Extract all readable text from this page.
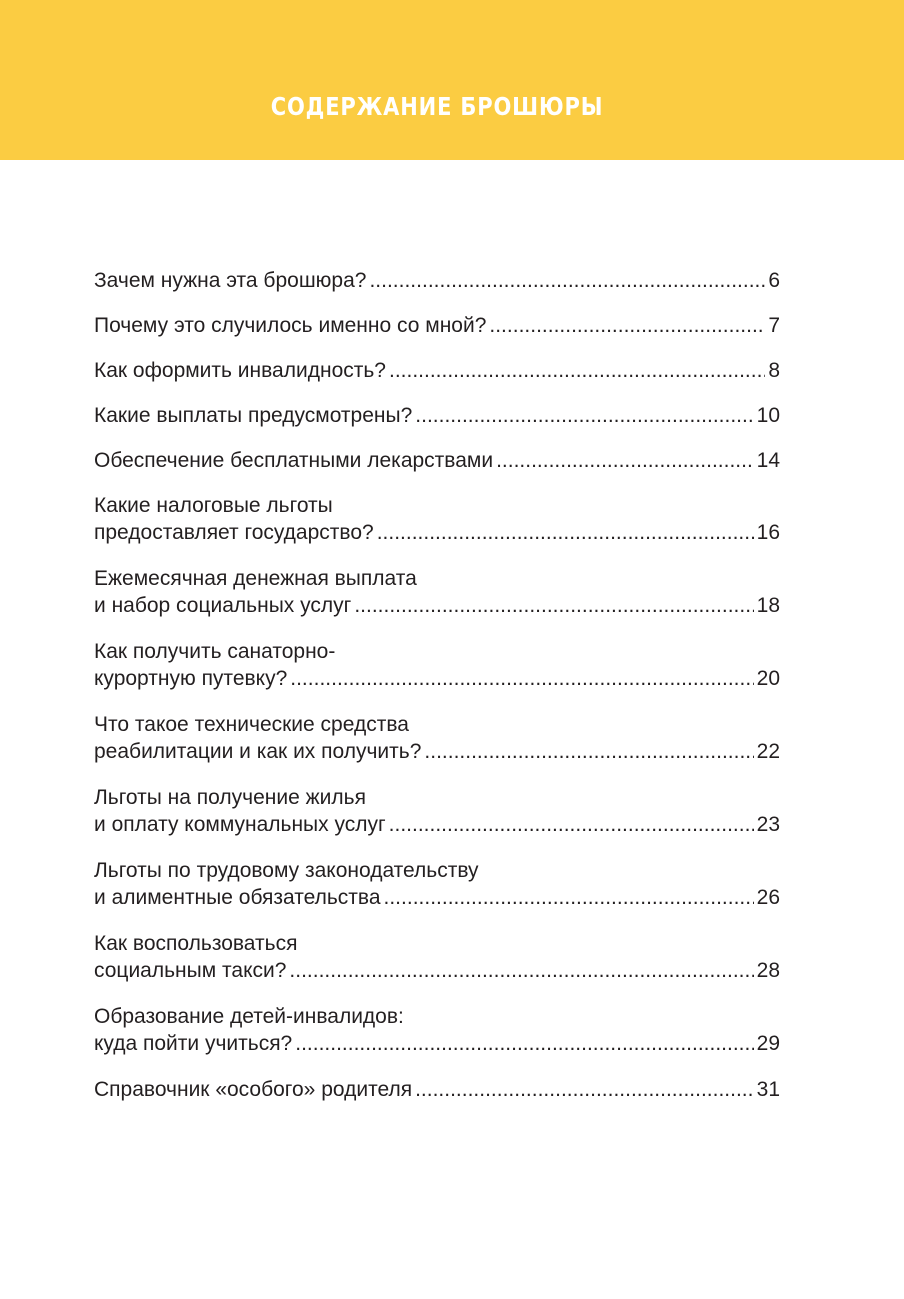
СОДЕРЖАНИЕ БРОШЮРЫ
Зачем нужна эта брошюра? .....	6
Почему это случилось именно со мной? .....	7
Как оформить инвалидность? .....	8
Какие выплаты предусмотрены? .....	10
Обеспечение бесплатными лекарствами .....	14
Какие налоговые льготы
предоставляет государство? .....	16
Ежемесячная денежная выплата
и набор социальных услуг .....	18
Как получить санаторно-
курортную путевку? .....	20
Что такое технические средства
реабилитации и как их получить? .....	22
Льготы на получение жилья
и оплату коммунальных услуг .....	23
Льготы по трудовому законодательству
и алиментные обязательства .....	26
Как воспользоваться
социальным такси? .....	28
Образование детей-инвалидов:
куда пойти учиться? .....	29
Справочник «особого» родителя .....	31
